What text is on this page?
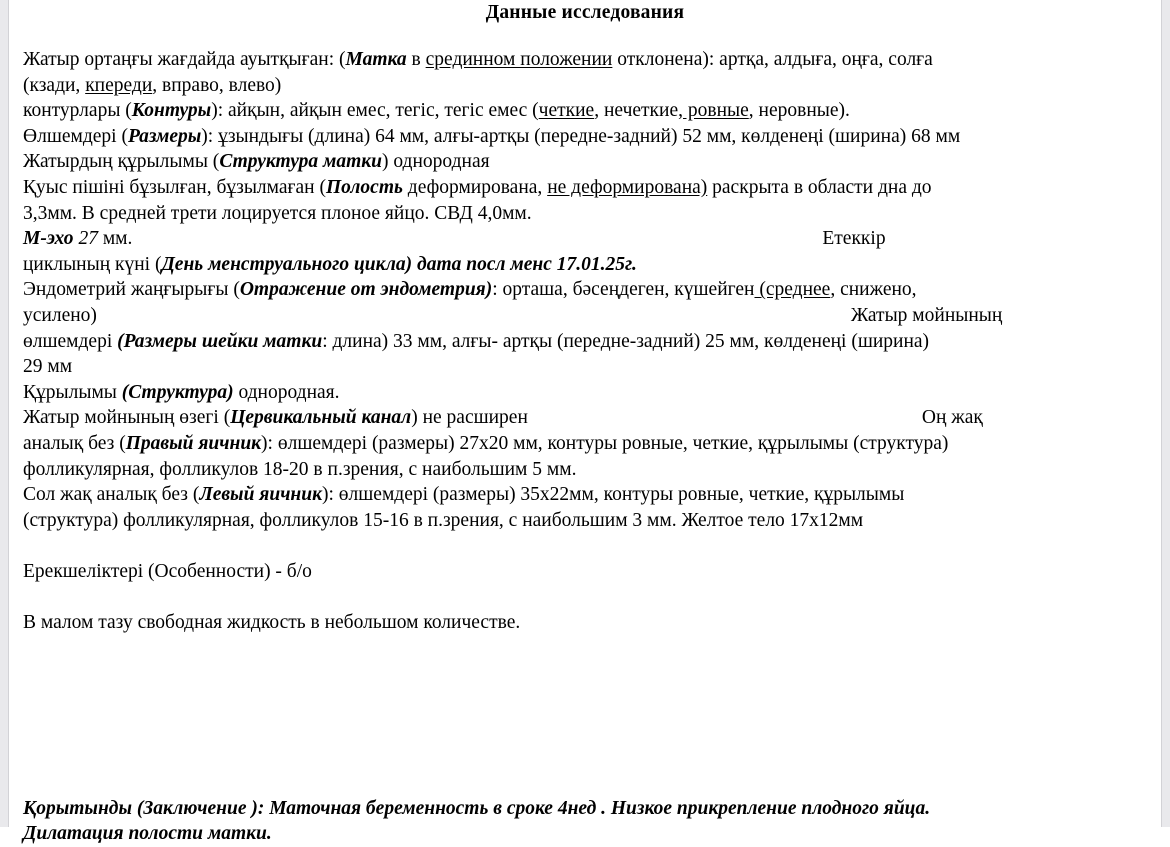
Данные исследования

Жатыр ортаңғы жағдайда ауытқыған: (Матка в срединном положении отклонена): артқа, алдыға, оңға, солға

(кзади, кпереди, вправо, влево)

контурлары (Контуры): айқын, айқын емес, тегіс, тегіс емес (четкие, нечеткие, ровные, неровные).

Өлшемдері (Размеры): ұзындығы (длина) 64 мм, алғы-артқы (передне-задний) 52 мм, көлденеңі (ширина) 68 мм

Жатырдың құрылымы (Структура матки) однородная

Қуыс пішіні бұзылған, бұзылмаған (Полость деформирована, не деформирована) раскрыта в области дна до

3,3мм. В средней трети лоцируется плоное яйцо. СВД 4,0мм.

М-эхо 27 мм.	Етеккір

циклының күні (День менструального цикла) дата посл менс 17.01.25г.

Эндометрий жаңғырығы (Отражение от эндометрия): орташа, бәсеңдеген, күшейген (среднее, снижено,

усилено)	Жатыр мойнының

өлшемдері (Размеры шейки матки: длина) 33 мм, алғы- артқы (передне-задний) 25 мм, көлденеңі (ширина)

29 мм

Құрылымы (Структура) однородная.

Жатыр мойнының өзегі (Цервикальный канал) не расширен	Оң жақ

аналық без (Правый яичник): өлшемдері (размеры) 27х20 мм, контуры ровные, четкие, құрылымы (структура)

фолликулярная, фолликулов 18-20 в п.зрения, с наибольшим 5 мм.

Сол жақ аналық без (Левый яичник): өлшемдері (размеры) 35х22мм, контуры ровные, четкие, құрылымы

(структура) фолликулярная, фолликулов 15-16 в п.зрения, с наибольшим 3 мм. Желтое тело 17х12мм

Ерекшеліктері (Особенности) - б/о

В малом тазу свободная жидкость в небольшом количестве.

Қорытынды (Заключение ): Маточная беременность в сроке 4нед . Низкое прикрепление плодного яйца.

Дилатация полости матки.
